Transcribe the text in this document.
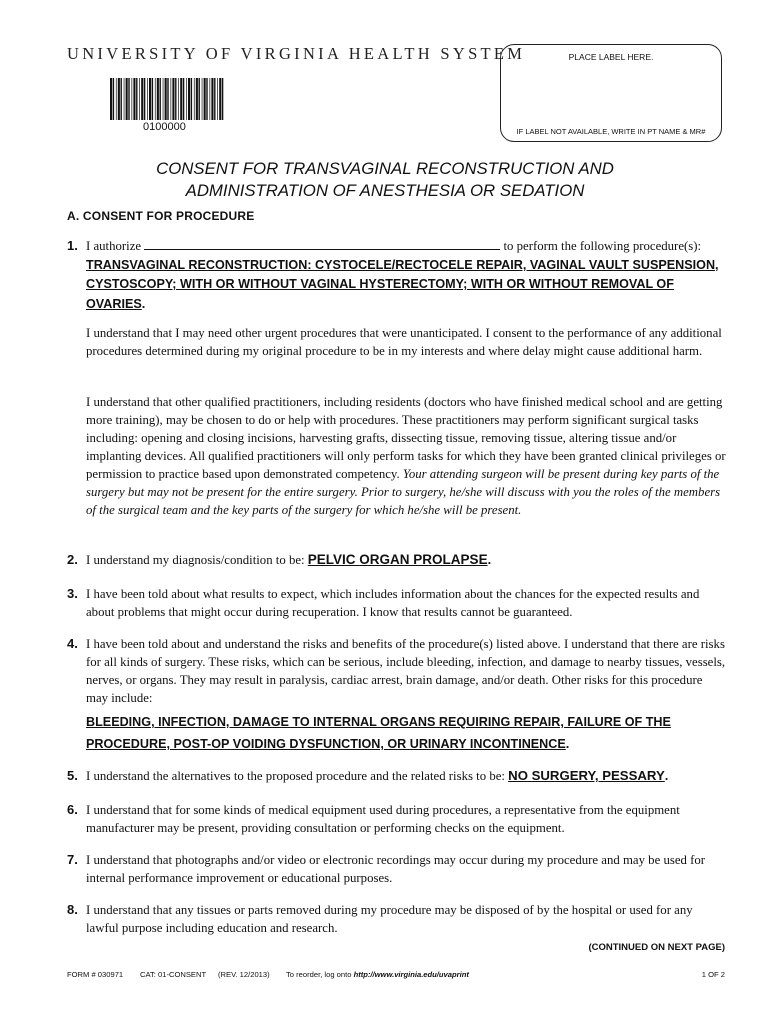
UNIVERSITY OF VIRGINIA HEALTH SYSTEM
0100000
PLACE LABEL HERE.
IF LABEL NOT AVAILABLE, WRITE IN PT NAME & MR#
CONSENT FOR TRANSVAGINAL RECONSTRUCTION AND
ADMINISTRATION OF ANESTHESIA OR SEDATION
A. CONSENT FOR PROCEDURE
1. I authorize	to perform the following procedure(s):
TRANSVAGINAL RECONSTRUCTION: CYSTOCELE/RECTOCELE REPAIR, VAGINAL VAULT SUSPENSION, CYSTOSCOPY; WITH OR WITHOUT VAGINAL HYSTERECTOMY; WITH OR WITHOUT REMOVAL OF OVARIES.
I understand that I may need other urgent procedures that were unanticipated. I consent to the performance of any additional procedures determined during my original procedure to be in my interests and where delay might cause additional harm.
I understand that other qualified practitioners, including residents (doctors who have finished medical school and are getting more training), may be chosen to do or help with procedures. These practitioners may perform significant surgical tasks including: opening and closing incisions, harvesting grafts, dissecting tissue, removing tissue, altering tissue and/or implanting devices. All qualified practitioners will only perform tasks for which they have been granted clinical privileges or permission to practice based upon demonstrated competency. Your attending surgeon will be present during key parts of the surgery but may not be present for the entire surgery. Prior to surgery, he/she will discuss with you the roles of the members of the surgical team and the key parts of the surgery for which he/she will be present.
2. I understand my diagnosis/condition to be: PELVIC ORGAN PROLAPSE.
3. I have been told about what results to expect, which includes information about the chances for the expected results and about problems that might occur during recuperation. I know that results cannot be guaranteed.
4. I have been told about and understand the risks and benefits of the procedure(s) listed above. I understand that there are risks for all kinds of surgery. These risks, which can be serious, include bleeding, infection, and damage to nearby tissues, vessels, nerves, or organs. They may result in paralysis, cardiac arrest, brain damage, and/or death. Other risks for this procedure may include:
BLEEDING, INFECTION, DAMAGE TO INTERNAL ORGANS REQUIRING REPAIR, FAILURE OF THE PROCEDURE, POST-OP VOIDING DYSFUNCTION, OR URINARY INCONTINENCE.
5. I understand the alternatives to the proposed procedure and the related risks to be: NO SURGERY, PESSARY.
6. I understand that for some kinds of medical equipment used during procedures, a representative from the equipment manufacturer may be present, providing consultation or performing checks on the equipment.
7. I understand that photographs and/or video or electronic recordings may occur during my procedure and may be used for internal performance improvement or educational purposes.
8. I understand that any tissues or parts removed during my procedure may be disposed of by the hospital or used for any lawful purpose including education and research.
(CONTINUED ON NEXT PAGE)
FORM # 030971 CAT: 01-CONSENT (REV. 12/2013) To reorder, log onto http://www.virginia.edu/uvaprint	1 OF 2
